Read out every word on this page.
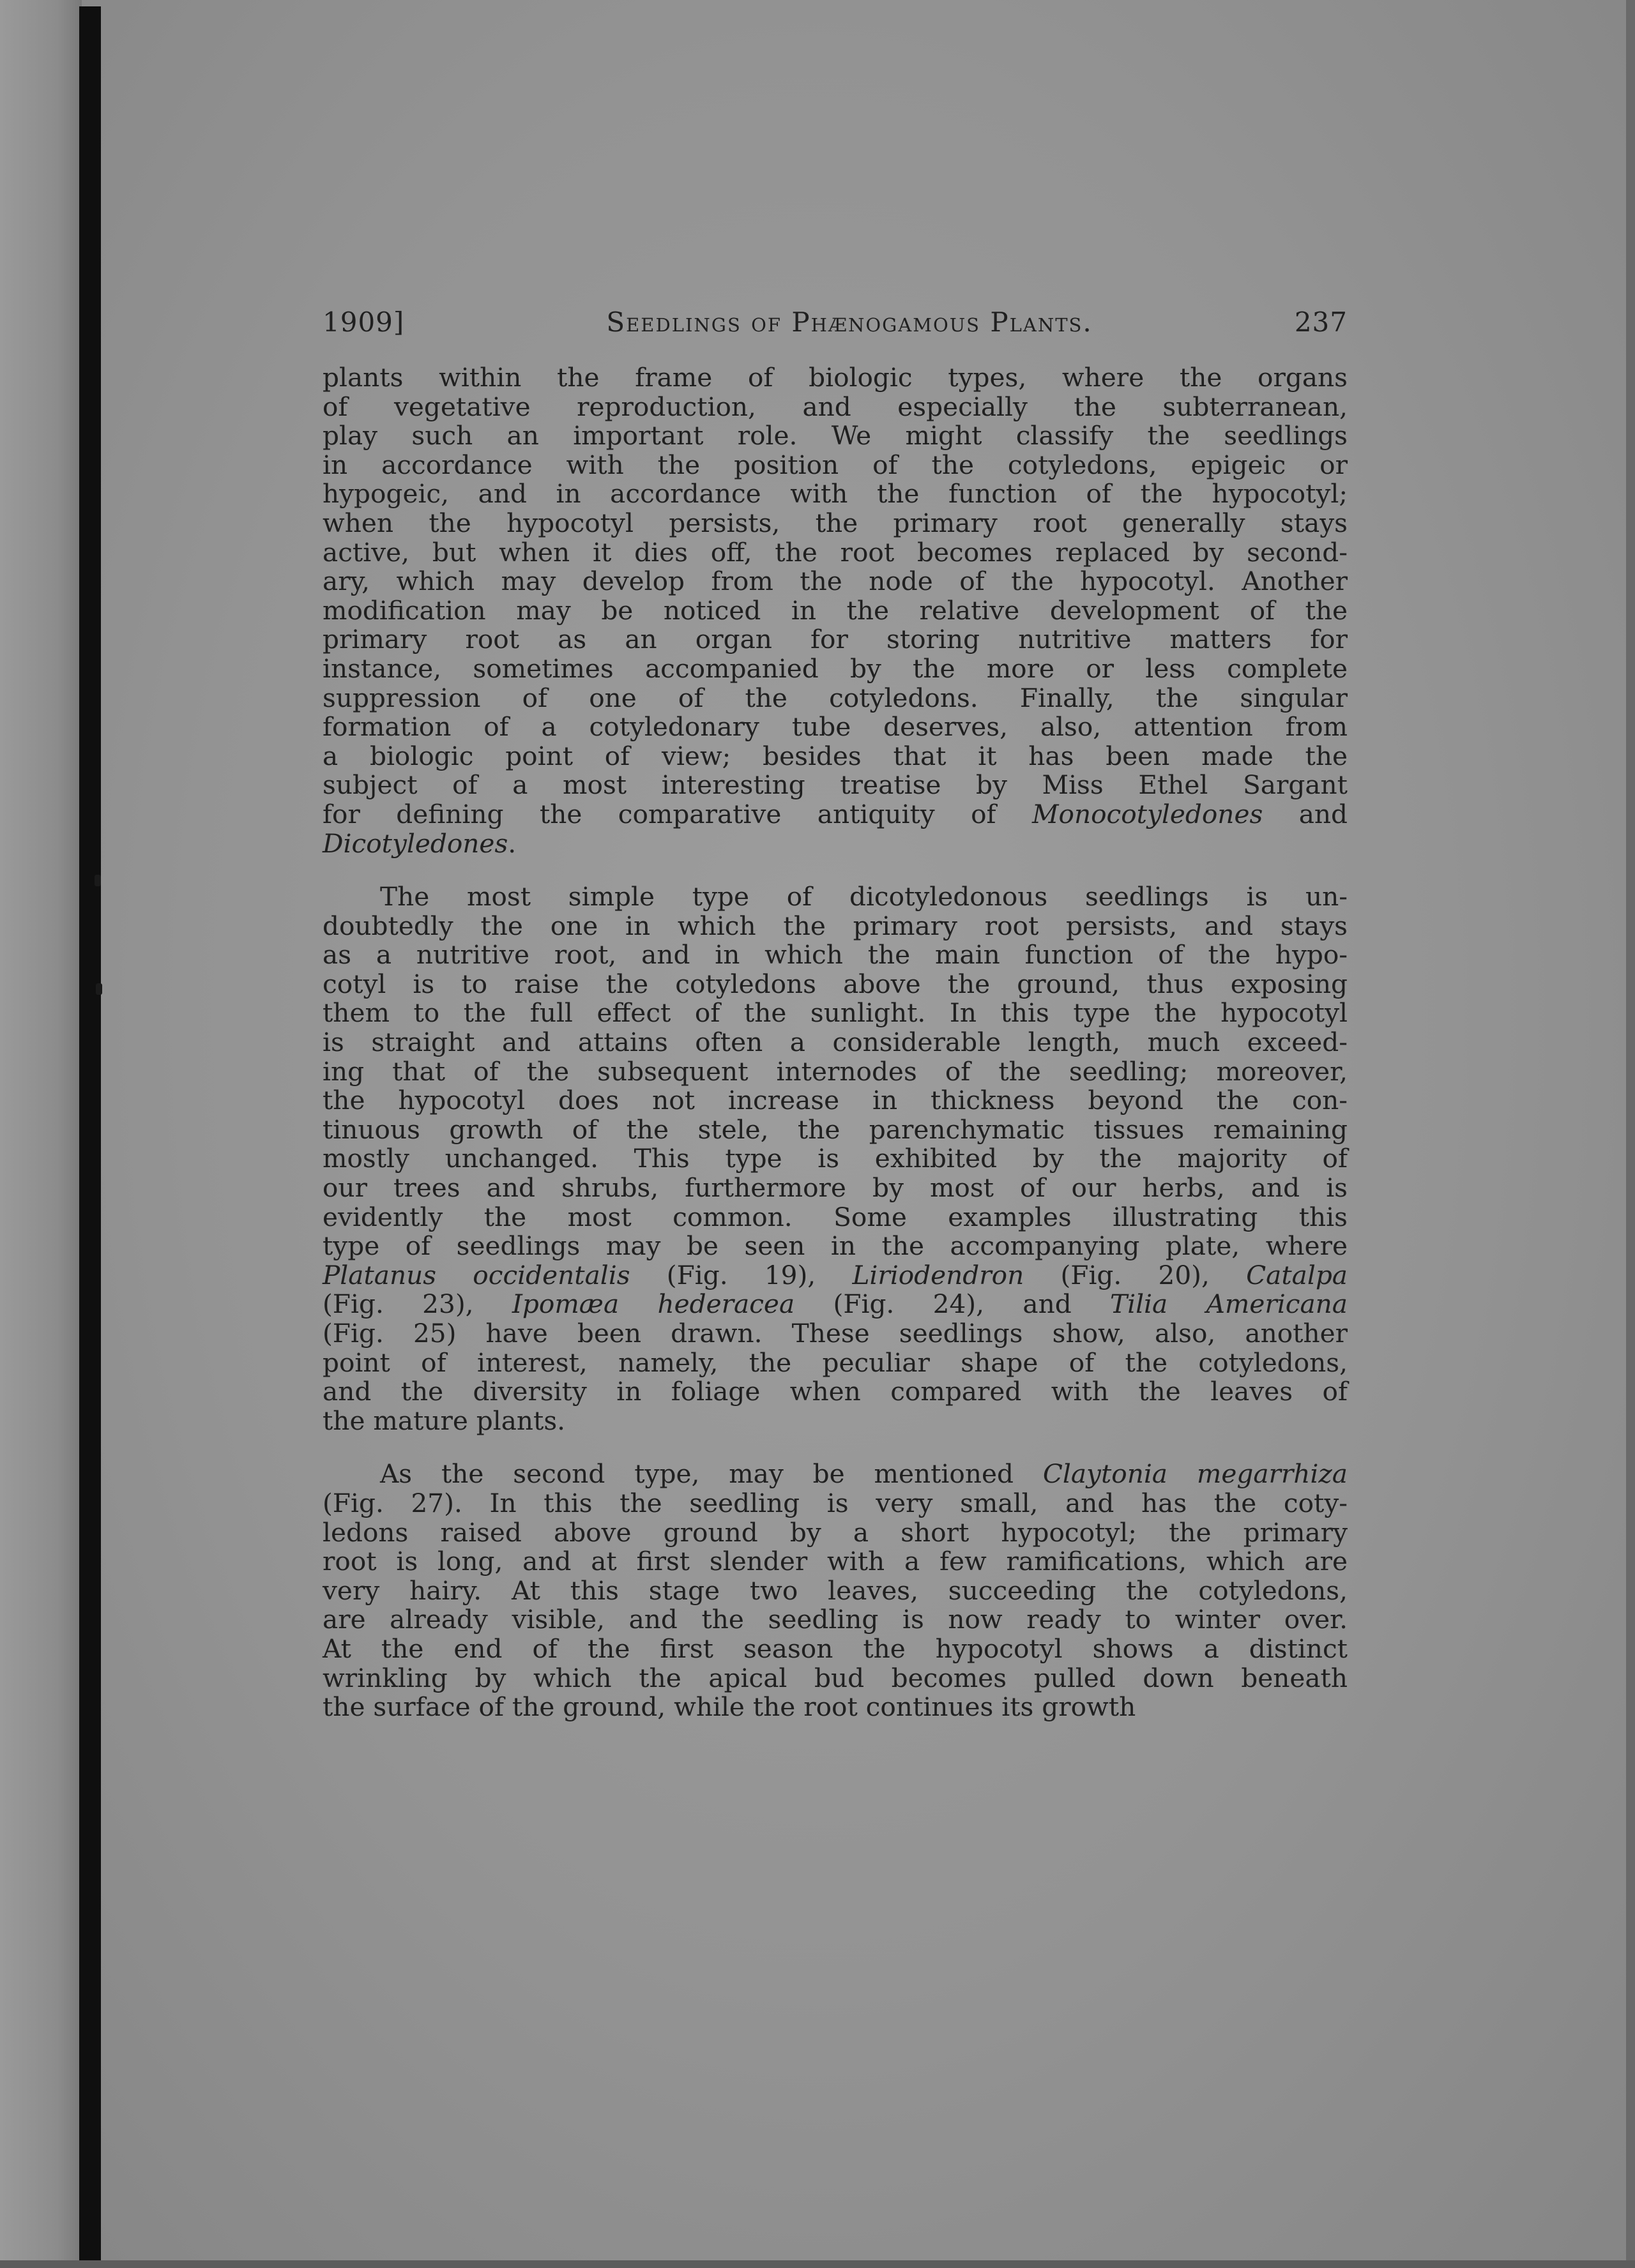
1909]	Seedlings of Phænogamous Plants.	237
plants within the frame of biologic types, where the organs
of vegetative reproduction, and especially the subterranean,
play such an important role. We might classify the seedlings
in accordance with the position of the cotyledons, epigeic or
hypogeic, and in accordance with the function of the hypocotyl;
when the hypocotyl persists, the primary root generally stays
active, but when it dies off, the root becomes replaced by second-
ary, which may develop from the node of the hypocotyl. Another
modification may be noticed in the relative development of the
primary root as an organ for storing nutritive matters for
instance, sometimes accompanied by the more or less complete
suppression of one of the cotyledons. Finally, the singular
formation of a cotyledonary tube deserves, also, attention from
a biologic point of view; besides that it has been made the
subject of a most interesting treatise by Miss Ethel Sargant
for defining the comparative antiquity of Monocotyledones and
Dicotyledones.
The most simple type of dicotyledonous seedlings is un-
doubtedly the one in which the primary root persists, and stays
as a nutritive root, and in which the main function of the hypo-
cotyl is to raise the cotyledons above the ground, thus exposing
them to the full effect of the sunlight. In this type the hypocotyl
is straight and attains often a considerable length, much exceed-
ing that of the subsequent internodes of the seedling; moreover,
the hypocotyl does not increase in thickness beyond the con-
tinuous growth of the stele, the parenchymatic tissues remaining
mostly unchanged. This type is exhibited by the majority of
our trees and shrubs, furthermore by most of our herbs, and is
evidently the most common. Some examples illustrating this
type of seedlings may be seen in the accompanying plate, where
Platanus occidentalis (Fig. 19), Liriodendron (Fig. 20), Catalpa
(Fig. 23), Ipomæa hederacea (Fig. 24), and Tilia Americana
(Fig. 25) have been drawn. These seedlings show, also, another
point of interest, namely, the peculiar shape of the cotyledons,
and the diversity in foliage when compared with the leaves of
the mature plants.
As the second type, may be mentioned Claytonia megarrhiza
(Fig. 27). In this the seedling is very small, and has the coty-
ledons raised above ground by a short hypocotyl; the primary
root is long, and at first slender with a few ramifications, which are
very hairy. At this stage two leaves, succeeding the cotyledons,
are already visible, and the seedling is now ready to winter over.
At the end of the first season the hypocotyl shows a distinct
wrinkling by which the apical bud becomes pulled down beneath
the surface of the ground, while the root continues its growth
